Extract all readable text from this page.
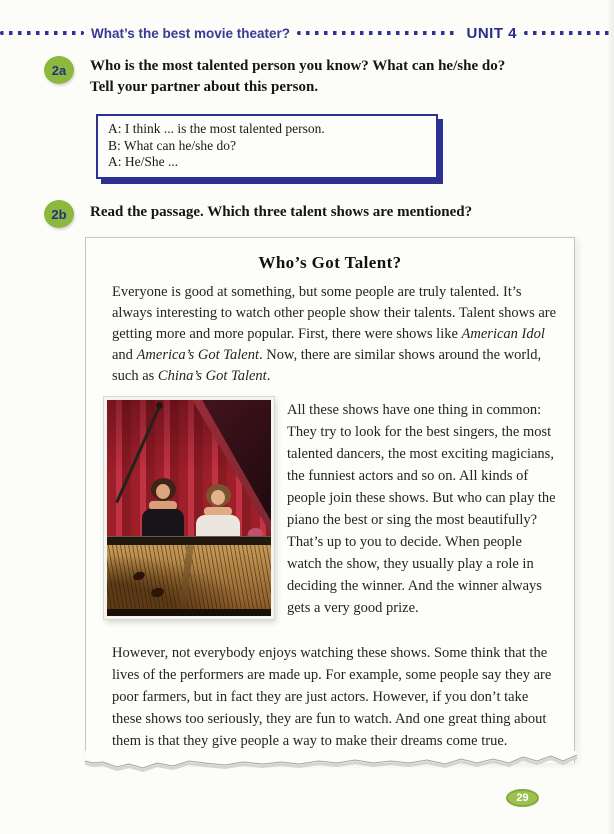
What’s the best movie theater?	UNIT 4
2a	Who is the most talented person you know? What can he/she do?
Tell your partner about this person.
A: I think ... is the most talented person.
B: What can he/she do?
A: He/She ...
2b	Read the passage. Which three talent shows are mentioned?
Who’s Got Talent?

Everyone is good at something, but some people are truly talented. It’s always interesting to watch other people show their talents. Talent shows are getting more and more popular. First, there were shows like American Idol and America’s Got Talent. Now, there are similar shows around the world, such as China’s Got Talent.

All these shows have one thing in common: They try to look for the best singers, the most talented dancers, the most exciting magicians, the funniest actors and so on. All kinds of people join these shows. But who can play the piano the best or sing the most beautifully? That’s up to you to decide. When people watch the show, they usually play a role in deciding the winner. And the winner always gets a very good prize.

However, not everybody enjoys watching these shows. Some think that the lives of the performers are made up. For example, some people say they are poor farmers, but in fact they are just actors. However, if you don’t take these shows too seriously, they are fun to watch. And one great thing about them is that they give people a way to make their dreams come true.

29
